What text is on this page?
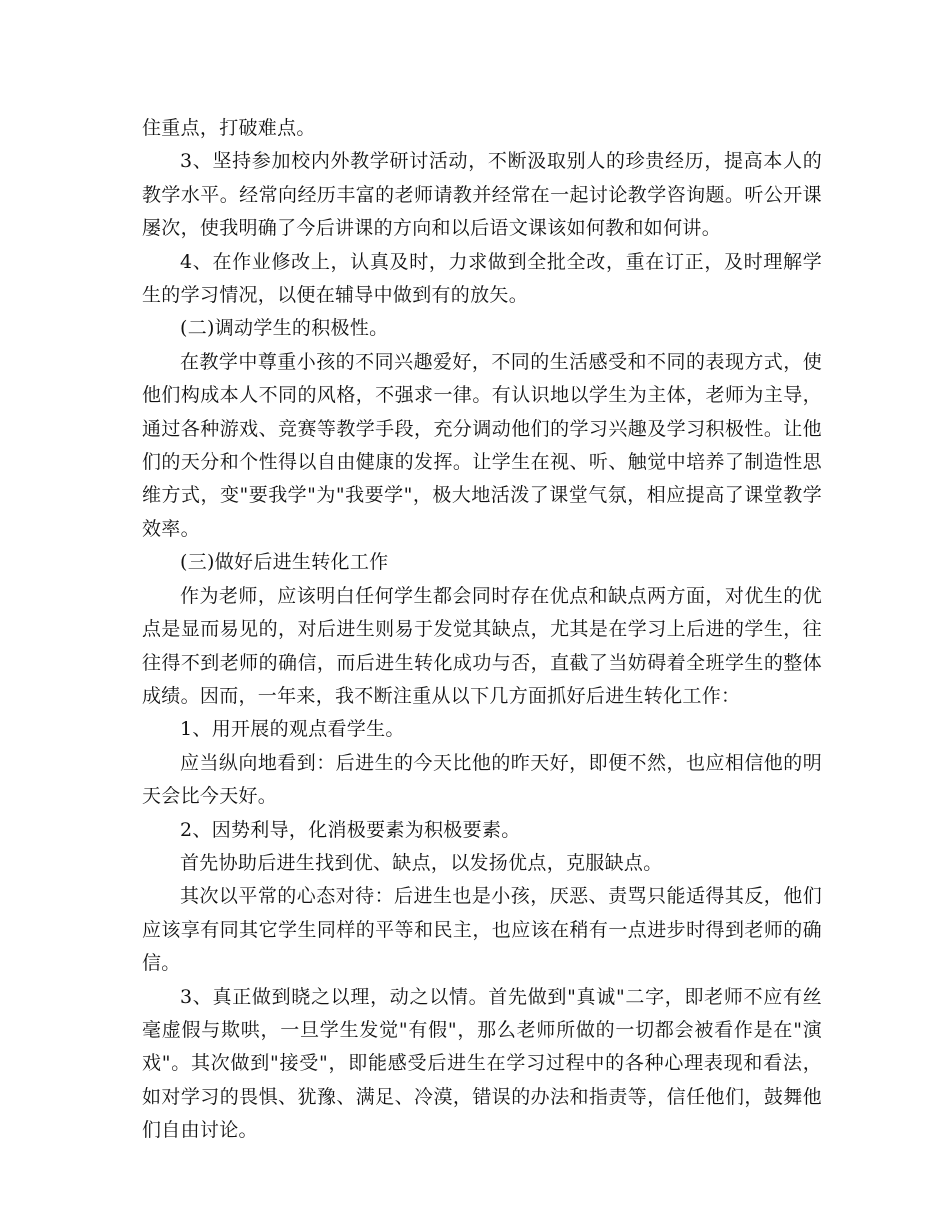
住重点，打破难点。

3、坚持参加校内外教学研讨活动，不断汲取别人的珍贵经历，提高本人的教学水平。经常向经历丰富的老师请教并经常在一起讨论教学咨询题。听公开课屡次，使我明确了今后讲课的方向和以后语文课该如何教和如何讲。

4、在作业修改上，认真及时，力求做到全批全改，重在订正，及时理解学生的学习情况，以便在辅导中做到有的放矢。

(二)调动学生的积极性。

在教学中尊重小孩的不同兴趣爱好，不同的生活感受和不同的表现方式，使他们构成本人不同的风格，不强求一律。有认识地以学生为主体，老师为主导，通过各种游戏、竞赛等教学手段，充分调动他们的学习兴趣及学习积极性。让他们的天分和个性得以自由健康的发挥。让学生在视、听、触觉中培养了制造性思维方式，变"要我学"为"我要学"，极大地活泼了课堂气氛，相应提高了课堂教学效率。

(三)做好后进生转化工作

作为老师，应该明白任何学生都会同时存在优点和缺点两方面，对优生的优点是显而易见的，对后进生则易于发觉其缺点，尤其是在学习上后进的学生，往往得不到老师的确信，而后进生转化成功与否，直截了当妨碍着全班学生的整体成绩。因而，一年来，我不断注重从以下几方面抓好后进生转化工作：

1、用开展的观点看学生。

应当纵向地看到：后进生的今天比他的昨天好，即便不然，也应相信他的明天会比今天好。

2、因势利导，化消极要素为积极要素。

首先协助后进生找到优、缺点，以发扬优点，克服缺点。

其次以平常的心态对待：后进生也是小孩，厌恶、责骂只能适得其反，他们应该享有同其它学生同样的平等和民主，也应该在稍有一点进步时得到老师的确信。

3、真正做到晓之以理，动之以情。首先做到"真诚"二字，即老师不应有丝毫虚假与欺哄，一旦学生发觉"有假"，那么老师所做的一切都会被看作是在"演戏"。其次做到"接受"，即能感受后进生在学习过程中的各种心理表现和看法，如对学习的畏惧、犹豫、满足、冷漠，错误的办法和指责等，信任他们，鼓舞他们自由讨论。
